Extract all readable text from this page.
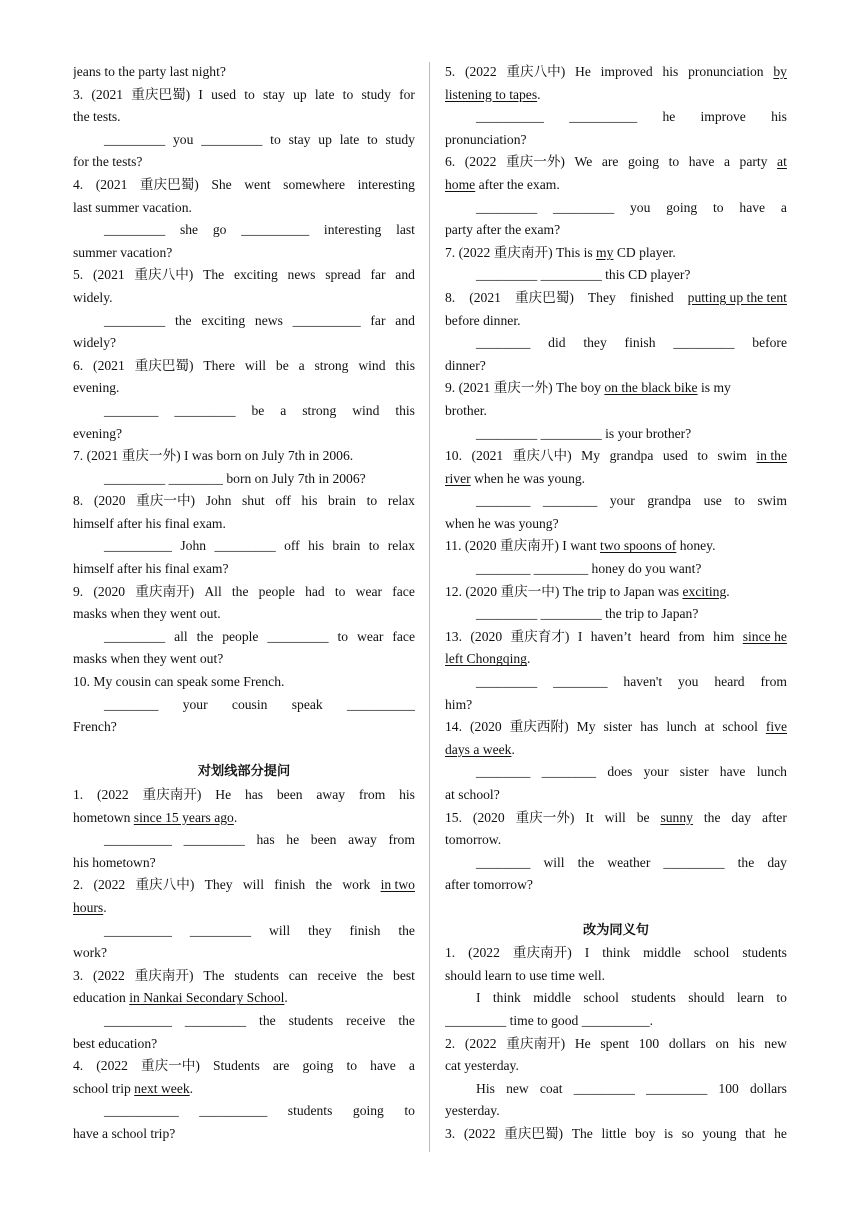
jeans to the party last night?
3. (2021 重庆巴蜀) I used to stay up late to study for
the tests.
_________ you _________ to stay up late to study
for the tests?
4. (2021 重庆巴蜀) She went somewhere interesting
last summer vacation.
_________ she go __________ interesting last
summer vacation?
5. (2021 重庆八中) The exciting news spread far and
widely.
_________ the exciting news __________ far and
widely?
6. (2021 重庆巴蜀) There will be a strong wind this
evening.
________ _________ be a strong wind this
evening?
7. (2021 重庆一外) I was born on July 7th in 2006.
_________ ________ born on July 7th in 2006?
8. (2020 重庆一中) John shut off his brain to relax
himself after his final exam.
__________ John _________ off his brain to relax
himself after his final exam?
9. (2020 重庆南开) All the people had to wear face
masks when they went out.
_________ all the people _________ to wear face
masks when they went out?
10. My cousin can speak some French.
________ your cousin speak __________
French?
对划线部分提问
1. (2022 重庆南开) He has been away from his
hometown since 15 years ago.
__________ _________ has he been away from
his hometown?
2. (2022 重庆八中) They will finish the work in two
hours.
__________ _________ will they finish the
work?
3. (2022 重庆南开) The students can receive the best
education in Nankai Secondary School.
__________ _________ the students receive the
best education?
4. (2022 重庆一中) Students are going to have a
school trip next week.
___________ __________ students going to
have a school trip?
5. (2022 重庆八中) He improved his pronunciation by
listening to tapes.
__________ __________ he improve his
pronunciation?
6. (2022 重庆一外) We are going to have a party at
home after the exam.
_________ _________ you going to have a
party after the exam?
7. (2022 重庆南开) This is my CD player.
_________ _________ this CD player?
8. (2021 重庆巴蜀) They finished putting up the tent
before dinner.
________ did they finish _________ before
dinner?
9. (2021 重庆一外) The boy on the black bike is my
brother.
_________ _________ is your brother?
10. (2021 重庆八中) My grandpa used to swim in the
river when he was young.
________ ________ your grandpa use to swim
when he was young?
11. (2020 重庆南开) I want two spoons of honey.
________ ________ honey do you want?
12. (2020 重庆一中) The trip to Japan was exciting.
_________ _________ the trip to Japan?
13. (2020 重庆育才) I haven’t heard from him since he
left Chongqing.
_________ ________ haven't you heard from
him?
14. (2020 重庆西附) My sister has lunch at school five
days a week.
________ ________ does your sister have lunch
at school?
15. (2020 重庆一外) It will be sunny the day after
tomorrow.
________ will the weather _________ the day
after tomorrow?
改为同义句
1. (2022 重庆南开) I think middle school students
should learn to use time well.
I think middle school students should learn to
_________ time to good __________.
2. (2022 重庆南开) He spent 100 dollars on his new
cat yesterday.
His new coat _________ _________ 100 dollars
yesterday.
3. (2022 重庆巴蜀) The little boy is so young that he
